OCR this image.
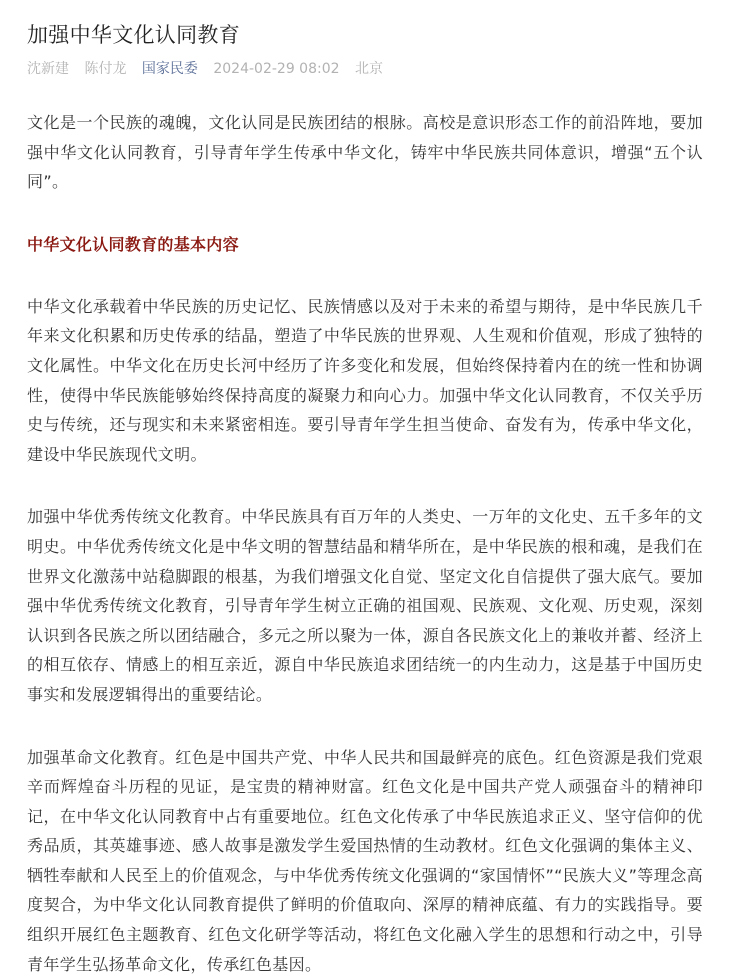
加强中华文化认同教育
沈新建 陈付龙 国家民委 2024-02-29 08:02 北京

文化是一个民族的魂魄，文化认同是民族团结的根脉。高校是意识形态工作的前沿阵地，要加强中华文化认同教育，引导青年学生传承中华文化，铸牢中华民族共同体意识，增强“五个认同”。

中华文化认同教育的基本内容

中华文化承载着中华民族的历史记忆、民族情感以及对于未来的希望与期待，是中华民族几千年来文化积累和历史传承的结晶，塑造了中华民族的世界观、人生观和价值观，形成了独特的文化属性。中华文化在历史长河中经历了许多变化和发展，但始终保持着内在的统一性和协调性，使得中华民族能够始终保持高度的凝聚力和向心力。加强中华文化认同教育，不仅关乎历史与传统，还与现实和未来紧密相连。要引导青年学生担当使命、奋发有为，传承中华文化，建设中华民族现代文明。

加强中华优秀传统文化教育。中华民族具有百万年的人类史、一万年的文化史、五千多年的文明史。中华优秀传统文化是中华文明的智慧结晶和精华所在，是中华民族的根和魂，是我们在世界文化激荡中站稳脚跟的根基，为我们增强文化自觉、坚定文化自信提供了强大底气。要加强中华优秀传统文化教育，引导青年学生树立正确的祖国观、民族观、文化观、历史观，深刻认识到各民族之所以团结融合，多元之所以聚为一体，源自各民族文化上的兼收并蓄、经济上的相互依存、情感上的相互亲近，源自中华民族追求团结统一的内生动力，这是基于中国历史事实和发展逻辑得出的重要结论。

加强革命文化教育。红色是中国共产党、中华人民共和国最鲜亮的底色。红色资源是我们党艰辛而辉煌奋斗历程的见证，是宝贵的精神财富。红色文化是中国共产党人顽强奋斗的精神印记，在中华文化认同教育中占有重要地位。红色文化传承了中华民族追求正义、坚守信仰的优秀品质，其英雄事迹、感人故事是激发学生爱国热情的生动教材。红色文化强调的集体主义、牺牲奉献和人民至上的价值观念，与中华优秀传统文化强调的“家国情怀”“民族大义”等理念高度契合，为中华文化认同教育提供了鲜明的价值取向、深厚的精神底蕴、有力的实践指导。要组织开展红色主题教育、红色文化研学等活动，将红色文化融入学生的思想和行动之中，引导青年学生弘扬革命文化，传承红色基因。
